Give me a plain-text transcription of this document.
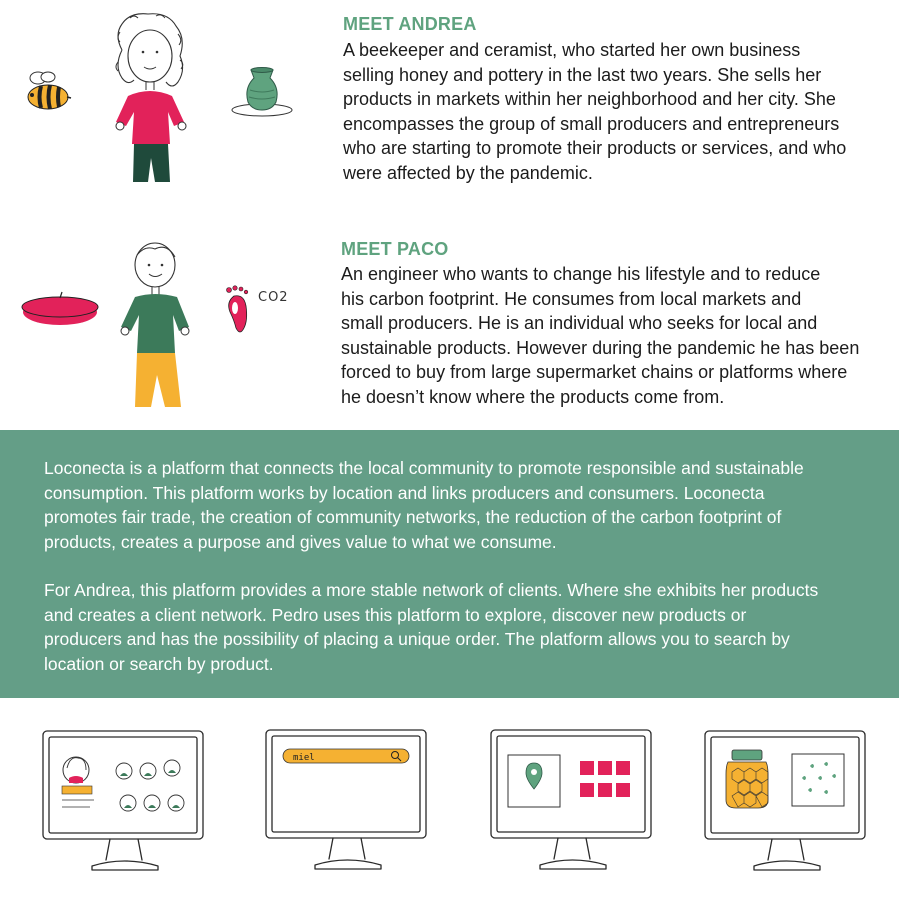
MEET ANDREA
A beekeeper and ceramist, who started her own business
selling honey and pottery in the last two years. She sells her
products in markets within her neighborhood and her city. She
encompasses the group of small producers and entrepreneurs
who are starting to promote their products or services, and who
were affected by the pandemic.
CO2
MEET PACO
An engineer who wants to change his lifestyle and to reduce
his carbon footprint. He consumes from local markets and
small producers. He is an individual who seeks for local and
sustainable products. However during the pandemic he has been
forced to buy from large supermarket chains or platforms where
he doesn’t know where the products come from.

Loconecta is a platform that connects the local community to promote responsible and sustainable
consumption. This platform works by location and links producers and consumers. Loconecta
promotes fair trade, the creation of community networks, the reduction of the carbon footprint of
products, creates a purpose and gives value to what we consume.

For Andrea, this platform provides a more stable network of clients. Where she exhibits her products
and creates a client network. Pedro uses this platform to explore, discover new products or
producers and has the possibility of placing a unique order. The platform allows you to search by
location or search by product.

miel
